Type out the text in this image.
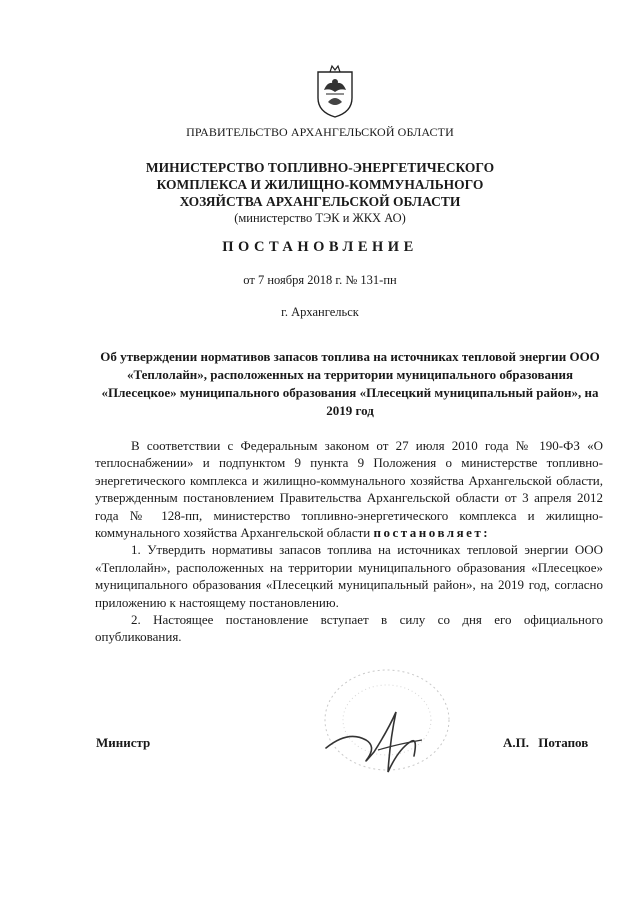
ПРАВИТЕЛЬСТВО АРХАНГЕЛЬСКОЙ ОБЛАСТИ
МИНИСТЕРСТВО ТОПЛИВНО-ЭНЕРГЕТИЧЕСКОГО
КОМПЛЕКСА И ЖИЛИЩНО-КОММУНАЛЬНОГО
ХОЗЯЙСТВА АРХАНГЕЛЬСКОЙ ОБЛАСТИ
(министерство ТЭК и ЖКХ АО)
ПОСТАНОВЛЕНИЕ
от 7 ноября 2018 г. № 131-пн
г. Архангельск
Об утверждении нормативов запасов топлива на источниках тепловой энергии ООО «Теплолайн», расположенных на территории муниципального образования «Плесецкое» муниципального образования «Плесецкий муниципальный район», на 2019 год

В соответствии с Федеральным законом от 27 июля 2010 года № 190-ФЗ «О теплоснабжении» и подпунктом 9 пункта 9 Положения о министерстве топливно-энергетического комплекса и жилищно-коммунального хозяйства Архангельской области, утвержденным постановлением Правительства Архангельской области от 3 апреля 2012 года № 128-пп, министерство топливно-энергетического комплекса и жилищно-коммунального хозяйства Архангельской области постановляет:

1. Утвердить нормативы запасов топлива на источниках тепловой энергии ООО «Теплолайн», расположенных на территории муниципального образования «Плесецкое» муниципального образования «Плесецкий муниципальный район», на 2019 год, согласно приложению к настоящему постановлению.

2. Настоящее постановление вступает в силу со дня его официального опубликования.

Министр	А.П. Потапов
